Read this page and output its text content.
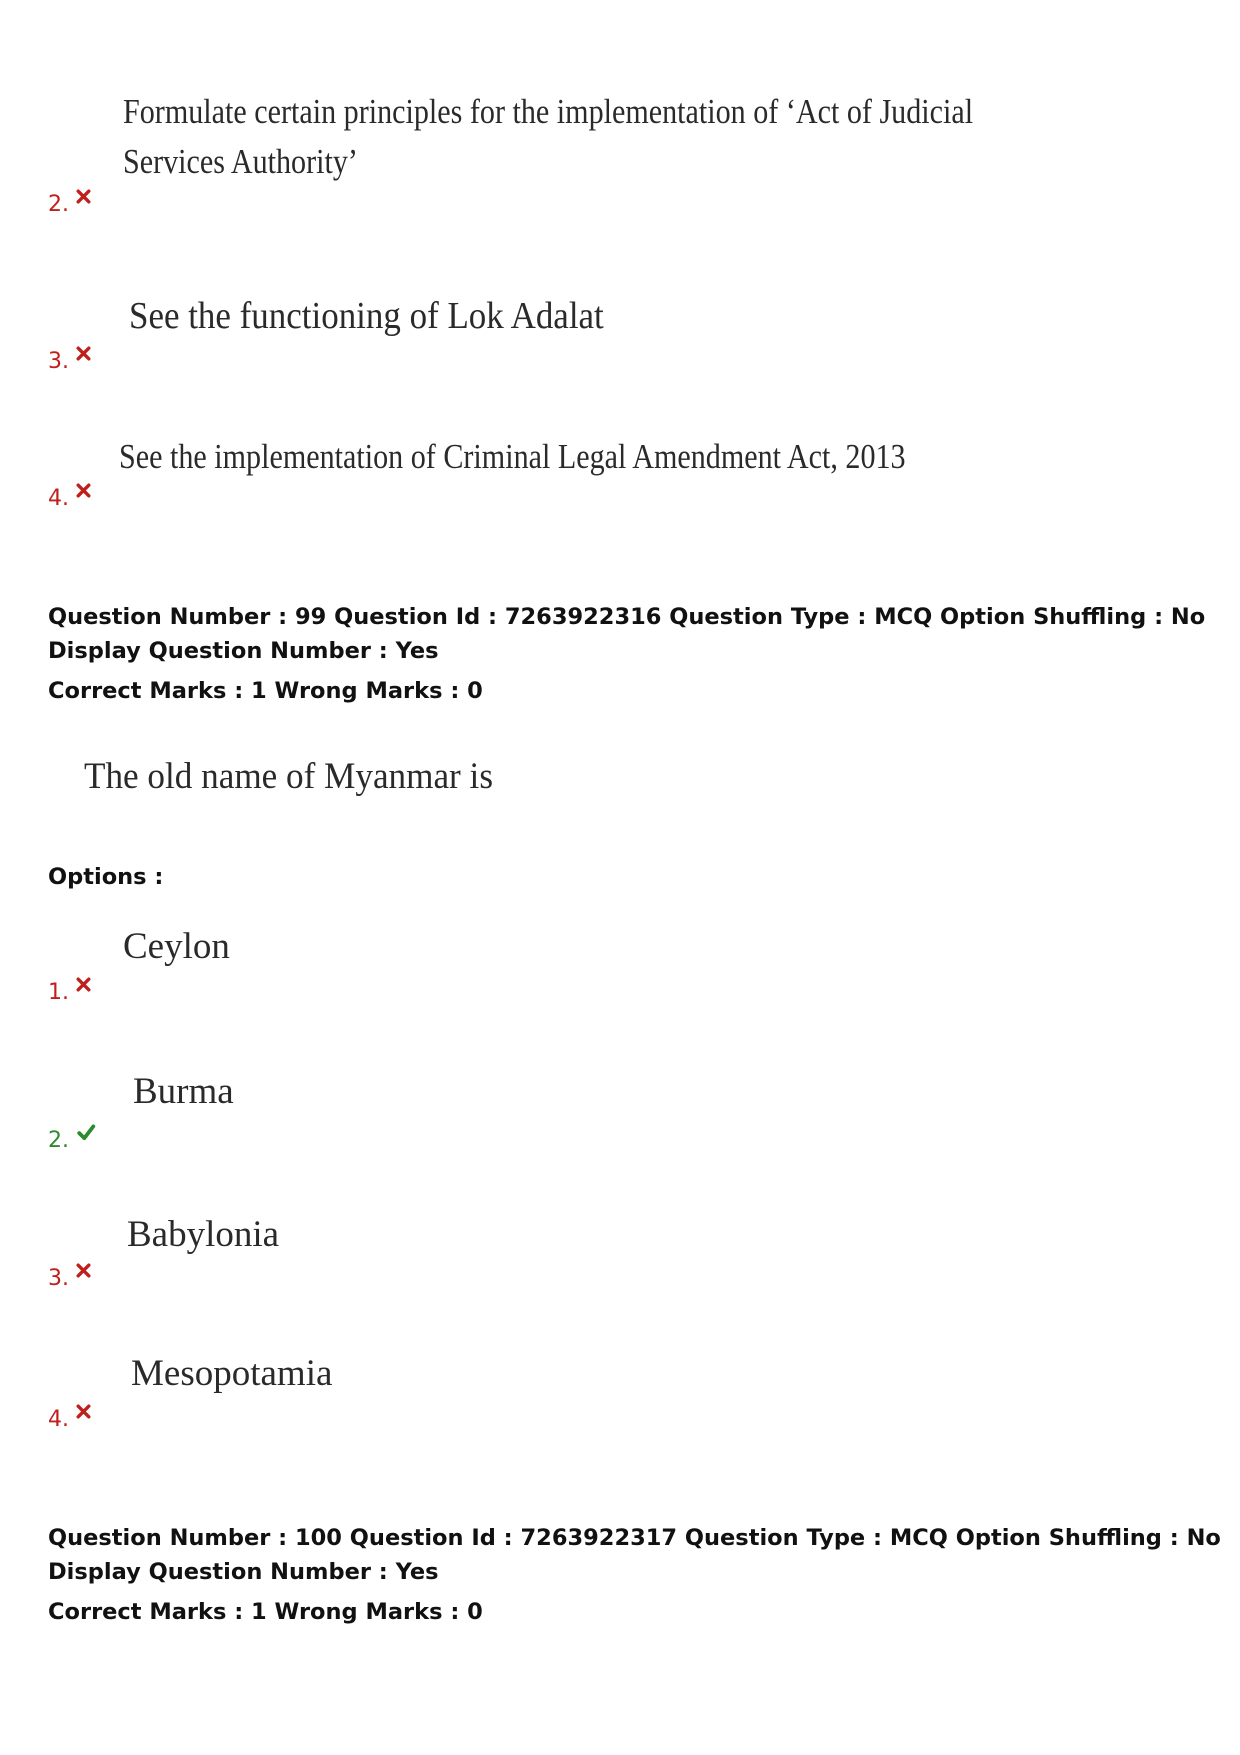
Formulate certain principles for the implementation of ‘Act of Judicial
Services Authority’
2.
See the functioning of Lok Adalat
3.
See the implementation of Criminal Legal Amendment Act, 2013
4.
Question Number : 99 Question Id : 7263922316 Question Type : MCQ Option Shuffling : No
Display Question Number : Yes
Correct Marks : 1 Wrong Marks : 0
The old name of Myanmar is
Options :
Ceylon
1.
Burma
2.
Babylonia
3.
Mesopotamia
4.
Question Number : 100 Question Id : 7263922317 Question Type : MCQ Option Shuffling : No
Display Question Number : Yes
Correct Marks : 1 Wrong Marks : 0
